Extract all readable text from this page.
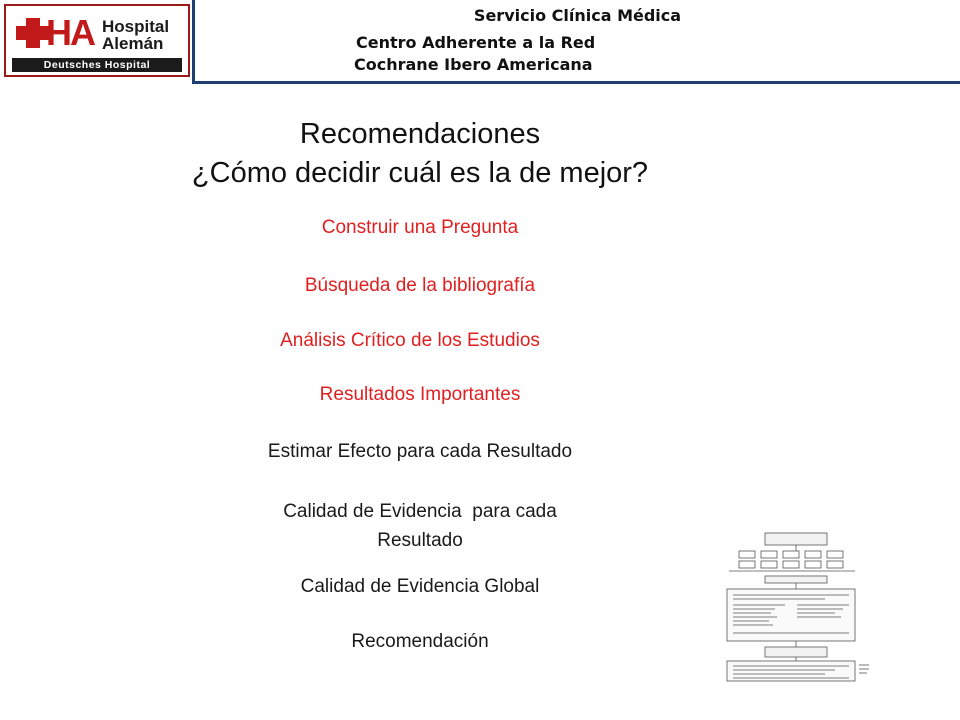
HA Hospital
Alemán
Deutsches Hospital
Servicio Clínica Médica
Centro Adherente a la Red
Cochrane Ibero Americana
Recomendaciones
¿Cómo decidir cuál es la de mejor?
Construir una Pregunta
Búsqueda de la bibliografía
Análisis Crítico de los Estudios
Resultados Importantes
Estimar Efecto para cada Resultado
Calidad de Evidencia  para cada
Resultado
Calidad de Evidencia Global
Recomendación
